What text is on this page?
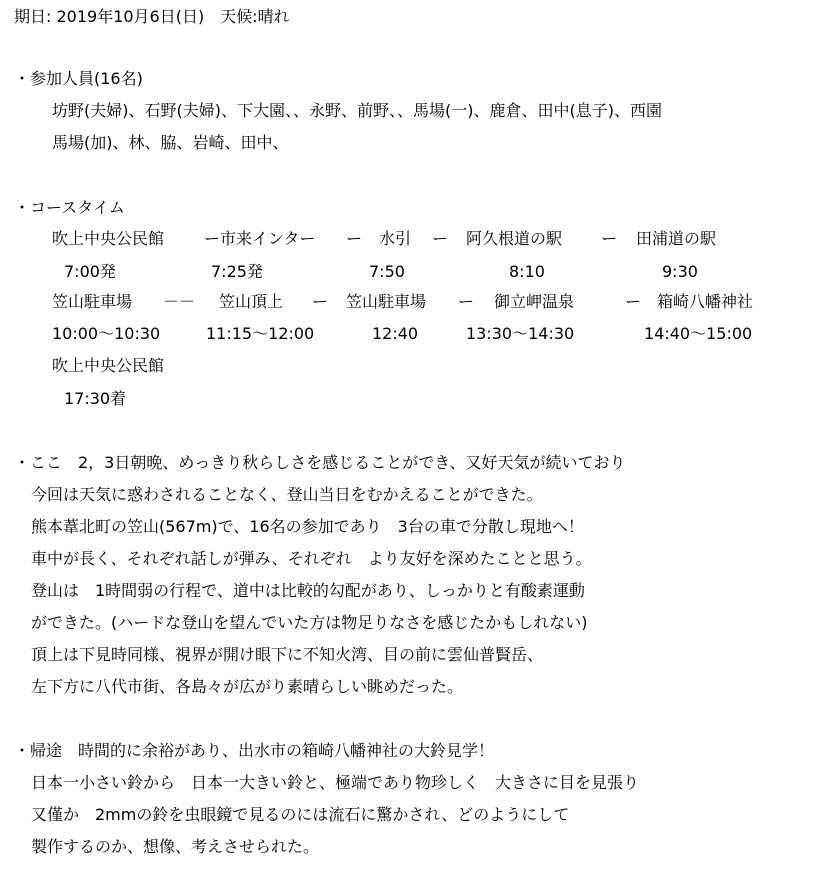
期日: 2019年10月6日(日)　天候:晴れ
・参加人員(16名)
坊野(夫婦)、石野(夫婦)、下大園、、永野、前野、、馬場(一)、鹿倉、田中(息子)、西園
馬場(加)、林、脇、岩崎、田中、
・コースタイム
吹上中央公民館 ー市来インター ー 水引 ー 阿久根道の駅 ー 田浦道の駅
7:00発	7:25発	7:50	8:10	9:30
笠山駐車場 －－ 笠山頂上 ー 笠山駐車場 ー 御立岬温泉	ー 箱崎八幡神社
10:00～10:30	11:15～12:00	12:40	13:30～14:30	14:40～15:00
吹上中央公民館
17:30着
・ここ　2，3日朝晩、めっきり秋らしさを感じることができ、又好天気が続いており
今回は天気に惑わされることなく、登山当日をむかえることができた。
熊本葦北町の笠山(567m)で、16名の参加であり　3台の車で分散し現地へ！
車中が長く、それぞれ話しが弾み、それぞれ　より友好を深めたことと思う。
登山は　1時間弱の行程で、道中は比較的勾配があり、しっかりと有酸素運動
ができた。(ハードな登山を望んでいた方は物足りなさを感じたかもしれない)
頂上は下見時同様、視界が開け眼下に不知火湾、目の前に雲仙普賢岳、
左下方に八代市街、各島々が広がり素晴らしい眺めだった。
・帰途　時間的に余裕があり、出水市の箱崎八幡神社の大鈴見学！
日本一小さい鈴から　日本一大きい鈴と、極端であり物珍しく　大きさに目を見張り
又僅か　2mmの鈴を虫眼鏡で見るのには流石に驚かされ、どのようにして
製作するのか、想像、考えさせられた。
